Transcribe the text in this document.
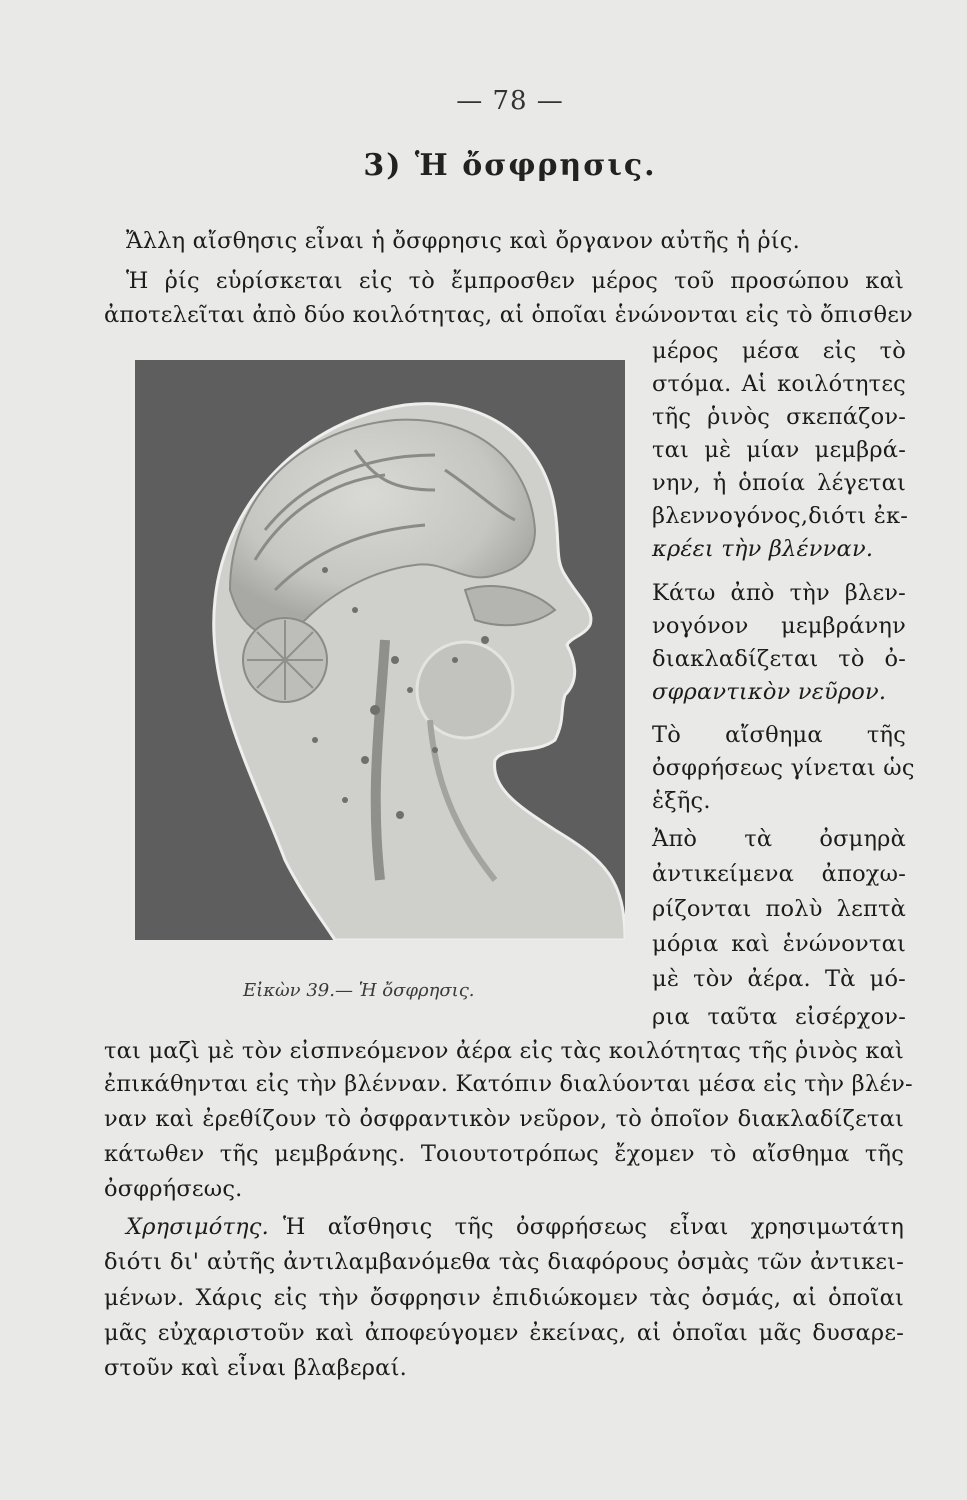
— 78 —
3) Ἡ ὄσφρησις.
Ἄλλη αἴσθησις εἶναι ἡ ὄσφρησις καὶ ὄργανον αὐτῆς ἡ ῥίς.
Ἡ ῥίς εὑρίσκεται εἰς τὸ ἔμπροσθεν μέρος τοῦ προσώπου καὶ
ἀποτελεῖται ἀπὸ δύο κοιλότητας, αἱ ὁποῖαι ἑνώνονται εἰς τὸ ὄπισθεν
μέρος μέσα εἰς τὸ
στόμα. Αἱ κοιλότητες
τῆς ῥινὸς σκεπάζον-
ται μὲ μίαν μεμβρά-
νην, ἡ ὁποία λέγεται
βλεννογόνος,διότι ἐκ-
κρέει τὴν βλένναν.
Κάτω ἀπὸ τὴν βλεν-
νογόνον μεμβράνην
διακλαδίζεται τὸ ὀ-
σφραντικὸν νεῦρον.
Τὸ αἴσθημα τῆς
ὀσφρήσεως γίνεται ὡς
ἑξῆς.
Ἀπὸ τὰ ὀσμηρὰ
ἀντικείμενα ἀποχω-
ρίζονται πολὺ λεπτὰ
μόρια καὶ ἑνώνονται
μὲ τὸν ἀέρα. Τὰ μό-
ρια ταῦτα εἰσέρχον-
Εἰκὼν 39.— Ἡ ὄσφρησις.
ται μαζὶ μὲ τὸν εἰσπνεόμενον ἀέρα εἰς τὰς κοιλότητας τῆς ῥινὸς καὶ
ἐπικάθηνται εἰς τὴν βλένναν. Κατόπιν διαλύονται μέσα εἰς τὴν βλέν-
ναν καὶ ἐρεθίζουν τὸ ὀσφραντικὸν νεῦρον, τὸ ὁποῖον διακλαδίζεται
κάτωθεν τῆς μεμβράνης. Τοιουτοτρόπως ἔχομεν τὸ αἴσθημα τῆς
ὀσφρήσεως.
Χρησιμότης. Ἡ αἴσθησις τῆς ὀσφρήσεως εἶναι χρησιμωτάτη
διότι δι' αὐτῆς ἀντιλαμβανόμεθα τὰς διαφόρους ὀσμὰς τῶν ἀντικει-
μένων. Χάρις εἰς τὴν ὄσφρησιν ἐπιδιώκομεν τὰς ὀσμάς, αἱ ὁποῖαι
μᾶς εὐχαριστοῦν καὶ ἀποφεύγομεν ἐκείνας, αἱ ὁποῖαι μᾶς δυσαρε-
στοῦν καὶ εἶναι βλαβεραί.
